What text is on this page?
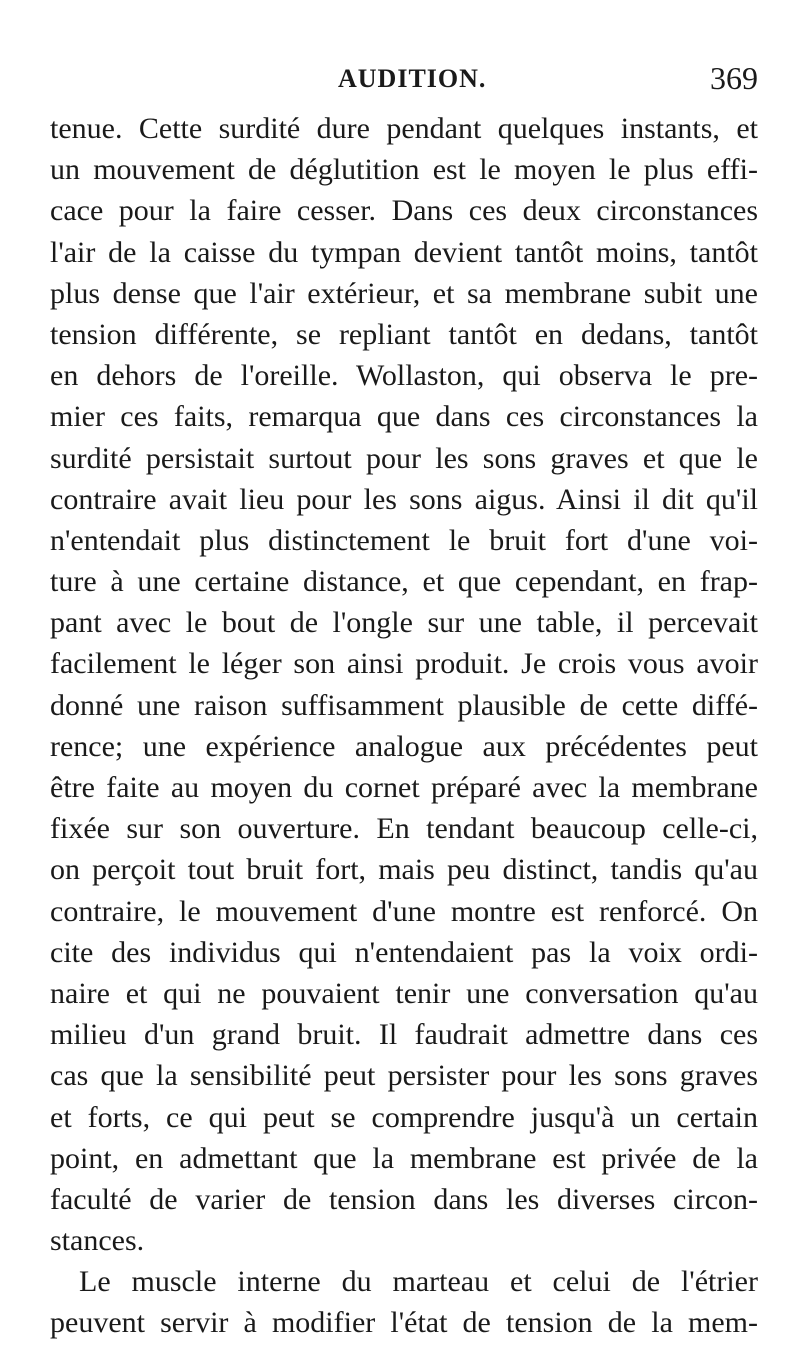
AUDITION.	369
tenue. Cette surdité dure pendant quelques instants, et
un mouvement de déglutition est le moyen le plus effi-
cace pour la faire cesser. Dans ces deux circonstances
l'air de la caisse du tympan devient tantôt moins, tantôt
plus dense que l'air extérieur, et sa membrane subit une
tension différente, se repliant tantôt en dedans, tantôt
en dehors de l'oreille. Wollaston, qui observa le pre-
mier ces faits, remarqua que dans ces circonstances la
surdité persistait surtout pour les sons graves et que le
contraire avait lieu pour les sons aigus. Ainsi il dit qu'il
n'entendait plus distinctement le bruit fort d'une voi-
ture à une certaine distance, et que cependant, en frap-
pant avec le bout de l'ongle sur une table, il percevait
facilement le léger son ainsi produit. Je crois vous avoir
donné une raison suffisamment plausible de cette diffé-
rence; une expérience analogue aux précédentes peut
être faite au moyen du cornet préparé avec la membrane
fixée sur son ouverture. En tendant beaucoup celle-ci,
on perçoit tout bruit fort, mais peu distinct, tandis qu'au
contraire, le mouvement d'une montre est renforcé. On
cite des individus qui n'entendaient pas la voix ordi-
naire et qui ne pouvaient tenir une conversation qu'au
milieu d'un grand bruit. Il faudrait admettre dans ces
cas que la sensibilité peut persister pour les sons graves
et forts, ce qui peut se comprendre jusqu'à un certain
point, en admettant que la membrane est privée de la
faculté de varier de tension dans les diverses circon-
stances.
Le muscle interne du marteau et celui de l'étrier
peuvent servir à modifier l'état de tension de la mem-
